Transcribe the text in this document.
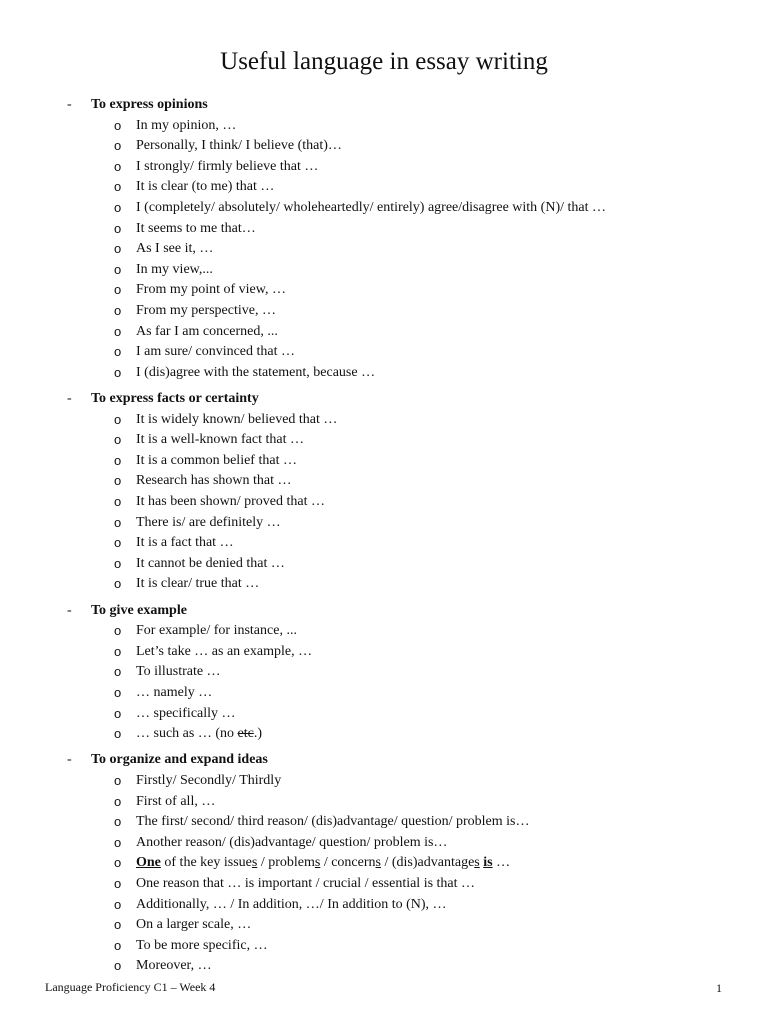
Useful language in essay writing
- To express opinions
o In my opinion, …
o Personally, I think/ I believe (that)…
o I strongly/ firmly believe that …
o It is clear (to me) that …
o I (completely/ absolutely/ wholeheartedly/ entirely) agree/disagree with (N)/ that …
o It seems to me that…
o As I see it, …
o In my view,...
o From my point of view, …
o From my perspective, …
o As far I am concerned, ...
o I am sure/ convinced that …
o I (dis)agree with the statement, because …
- To express facts or certainty
o It is widely known/ believed that …
o It is a well-known fact that …
o It is a common belief that …
o Research has shown that …
o It has been shown/ proved that …
o There is/ are definitely …
o It is a fact that …
o It cannot be denied that …
o It is clear/ true that …
- To give example
o For example/ for instance, ...
o Let’s take … as an example, …
o To illustrate …
o … namely …
o … specifically …
o … such as … (no etc.)
- To organize and expand ideas
o Firstly/ Secondly/ Thirdly
o First of all, …
o The first/ second/ third reason/ (dis)advantage/ question/ problem is…
o Another reason/ (dis)advantage/ question/ problem is…
o One of the key issues / problems / concerns / (dis)advantages is …
o One reason that … is important / crucial / essential is that …
o Additionally, … / In addition, …/ In addition to (N), …
o On a larger scale, …
o To be more specific, …
o Moreover, …
Language Proficiency C1 – Week 4	1
